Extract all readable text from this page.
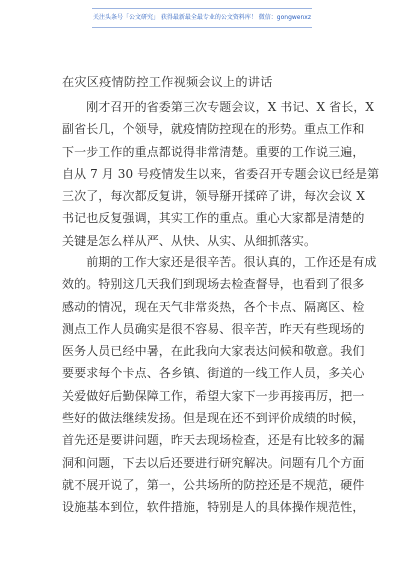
关注头条号「公文研究」 获得最新最全最专业的公文资料库！ 微信：gongwenxz
在灾区疫情防控工作视频会议上的讲话
　　刚才召开的省委第三次专题会议，X 书记、X 省长，X
副省长几，个领导，就疫情防控现在的形势。重点工作和
下一步工作的重点都说得非常清楚。重要的工作说三遍，
自从 7 月 30 号疫情发生以来，省委召开专题会议已经是第
三次了，每次都反复讲，领导掰开揉碎了讲，每次会议 X
书记也反复强调，其实工作的重点。重心大家都是清楚的
关键是怎么样从严、从快、从实、从细抓落实。
　　前期的工作大家还是很辛苦。很认真的，工作还是有成
效的。特别这几天我们到现场去检查督导，也看到了很多
感动的情况，现在天气非常炎热，各个卡点、隔离区、检
测点工作人员确实是很不容易、很辛苦，昨天有些现场的
医务人员已经中暑，在此我向大家表达问候和敬意。我们
要要求每个卡点、各乡镇、街道的一线工作人员，多关心
关爱做好后勤保障工作，希望大家下一步再接再厉，把一
些好的做法继续发扬。但是现在还不到评价成绩的时候，
首先还是要讲问题，昨天去现场检查，还是有比较多的漏
洞和问题，下去以后还要进行研究解决。问题有几个方面
就不展开说了，第一，公共场所的防控还是不规范，硬件
设施基本到位，软件措施，特别是人的具体操作规范性，
